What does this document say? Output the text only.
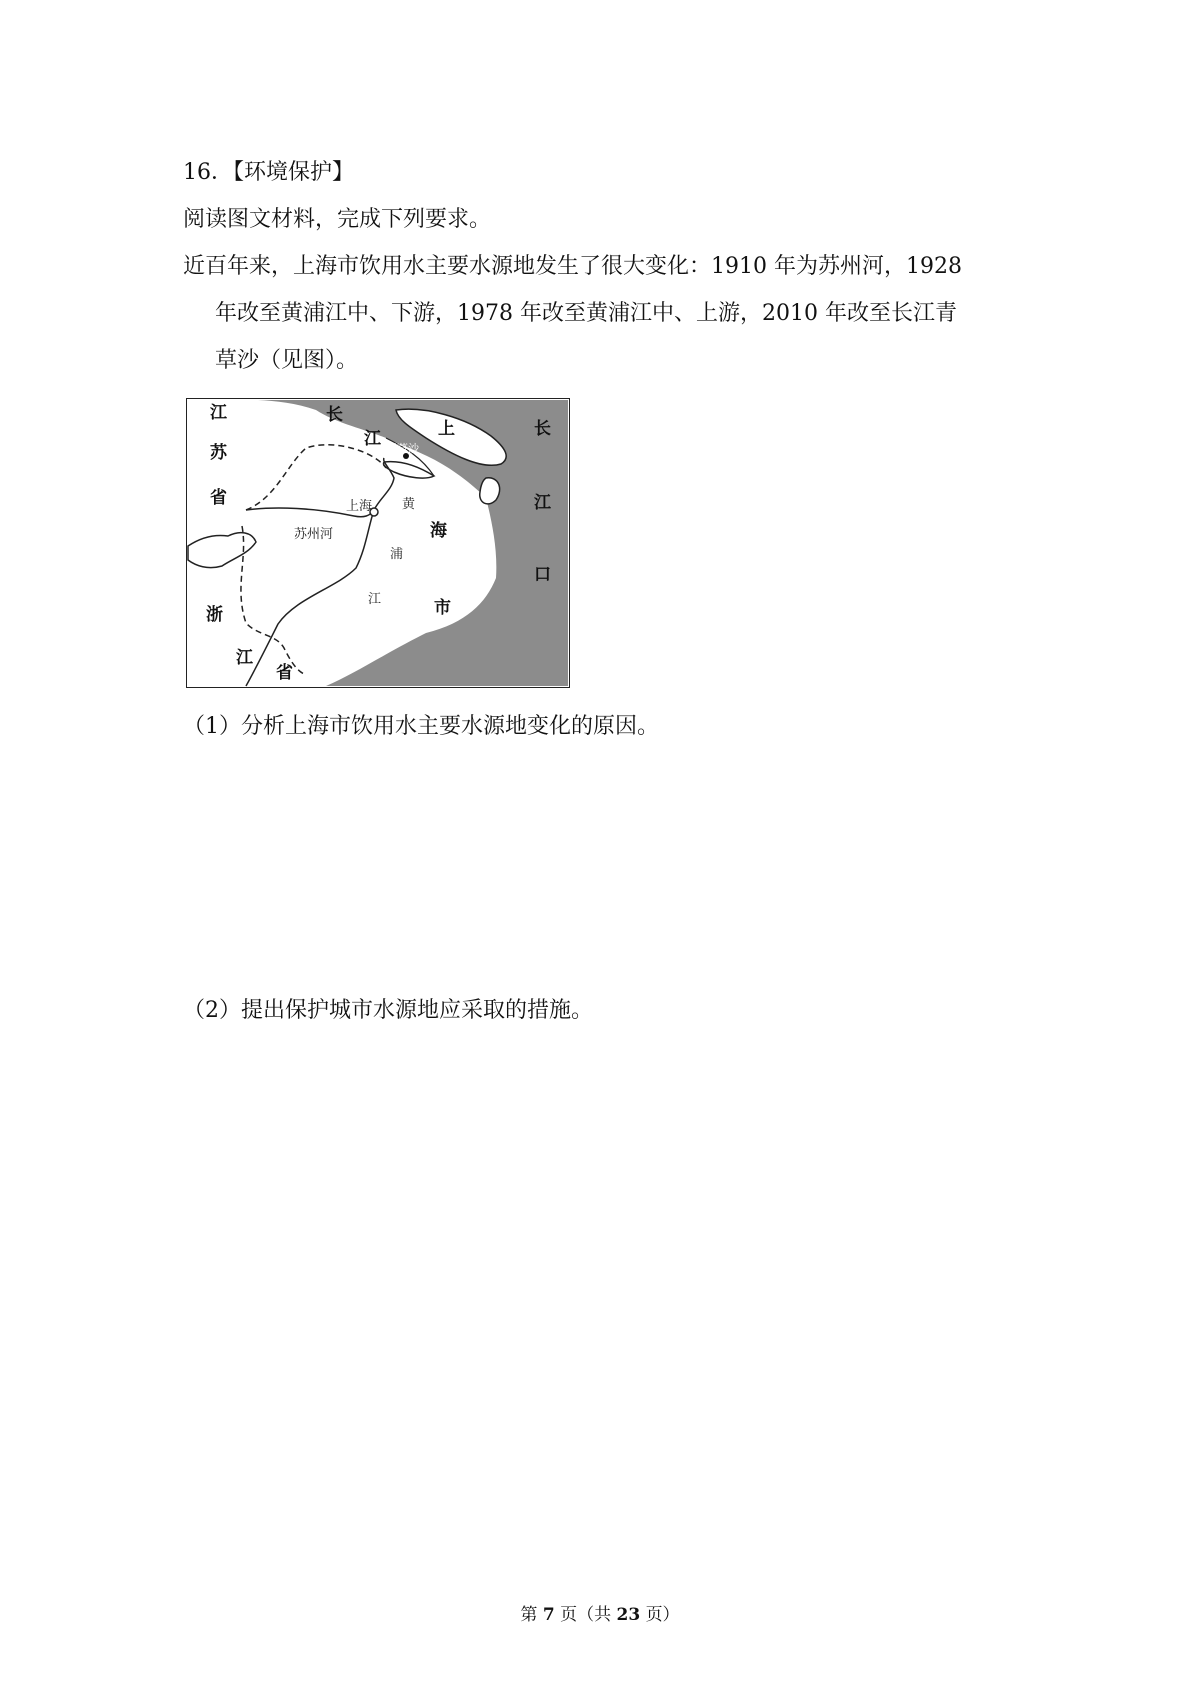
16．【环境保护】
阅读图文材料，完成下列要求。
近百年来，上海市饮用水主要水源地发生了很大变化：1910 年为苏州河，1928
年改至黄浦江中、下游，1978 年改至黄浦江中、上游，2010 年改至长江青
草沙（见图）。
江
苏
省
浙
江
省
长
江	上	长
江
口
海
市
青草沙
上海
苏州河
黄
浦
江
（1）分析上海市饮用水主要水源地变化的原因。
（2）提出保护城市水源地应采取的措施。
第 7 页（共 23 页）
